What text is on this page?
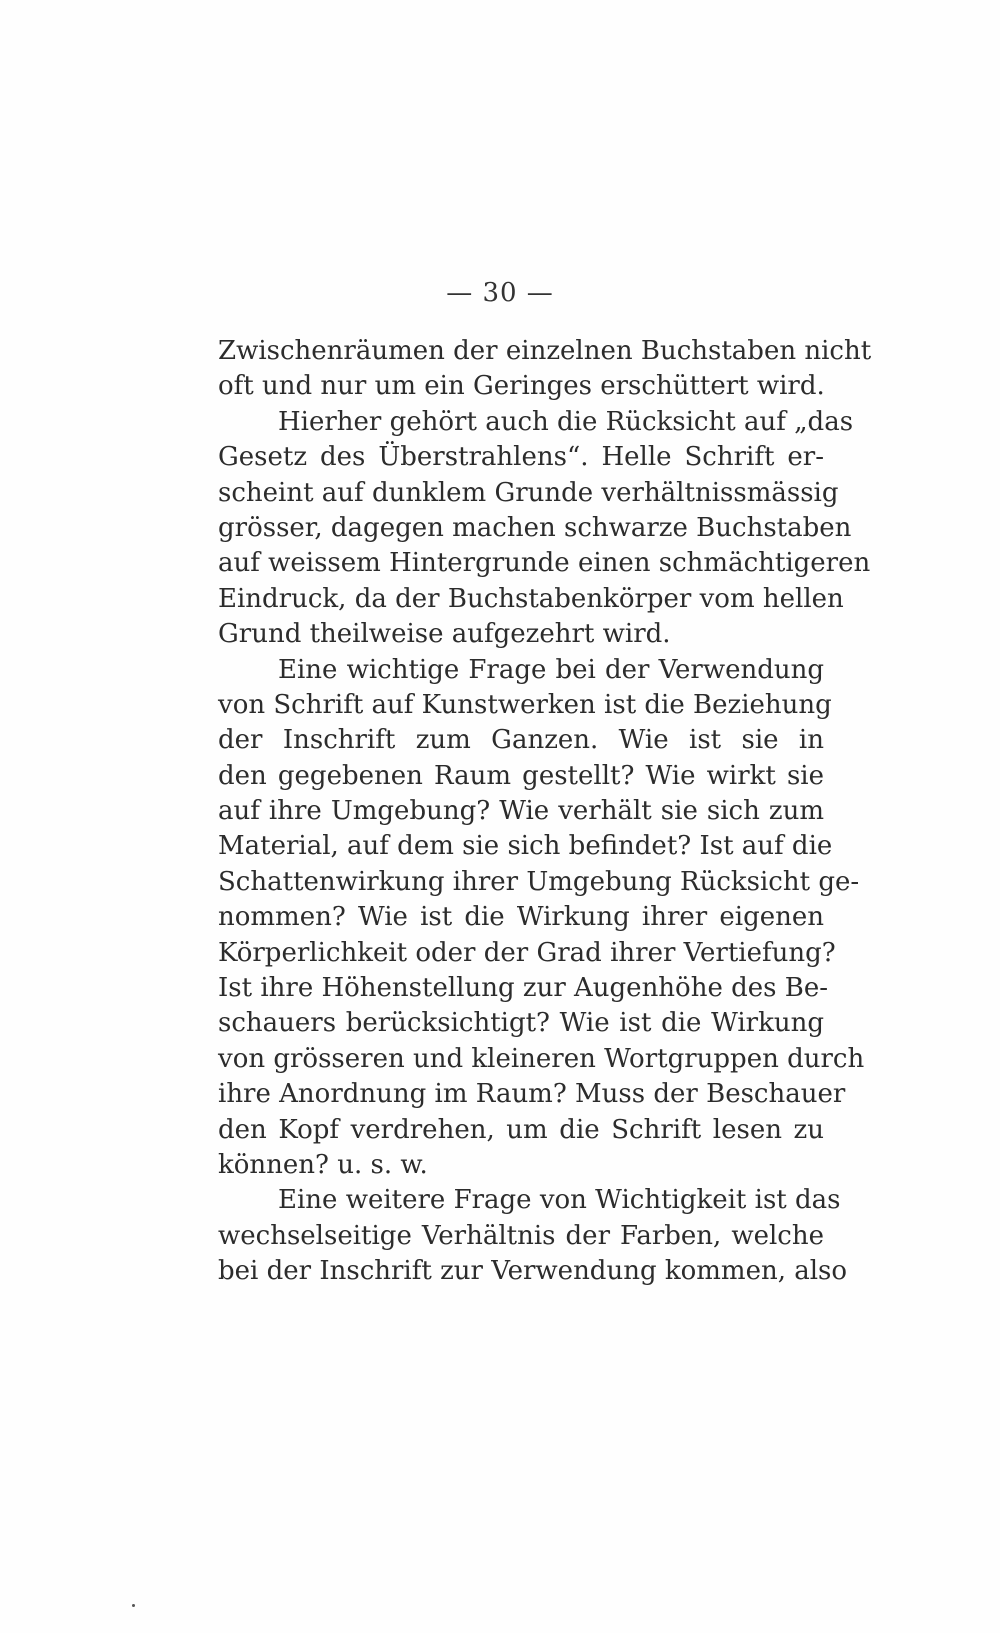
— 30 —
Zwischenräumen der einzelnen Buchstaben nicht
oft und nur um ein Geringes erschüttert wird.
Hierher gehört auch die Rücksicht auf „das
Gesetz des Überstrahlens“. Helle Schrift er-
scheint auf dunklem Grunde verhältnissmässig
grösser, dagegen machen schwarze Buchstaben
auf weissem Hintergrunde einen schmächtigeren
Eindruck, da der Buchstabenkörper vom hellen
Grund theilweise aufgezehrt wird.
Eine wichtige Frage bei der Verwendung
von Schrift auf Kunstwerken ist die Beziehung
der Inschrift zum Ganzen. Wie ist sie in
den gegebenen Raum gestellt? Wie wirkt sie
auf ihre Umgebung? Wie verhält sie sich zum
Material, auf dem sie sich befindet? Ist auf die
Schattenwirkung ihrer Umgebung Rücksicht ge-
nommen? Wie ist die Wirkung ihrer eigenen
Körperlichkeit oder der Grad ihrer Vertiefung?
Ist ihre Höhenstellung zur Augenhöhe des Be-
schauers berücksichtigt? Wie ist die Wirkung
von grösseren und kleineren Wortgruppen durch
ihre Anordnung im Raum? Muss der Beschauer
den Kopf verdrehen, um die Schrift lesen zu
können? u. s. w.
Eine weitere Frage von Wichtigkeit ist das
wechselseitige Verhältnis der Farben, welche
bei der Inschrift zur Verwendung kommen, also
